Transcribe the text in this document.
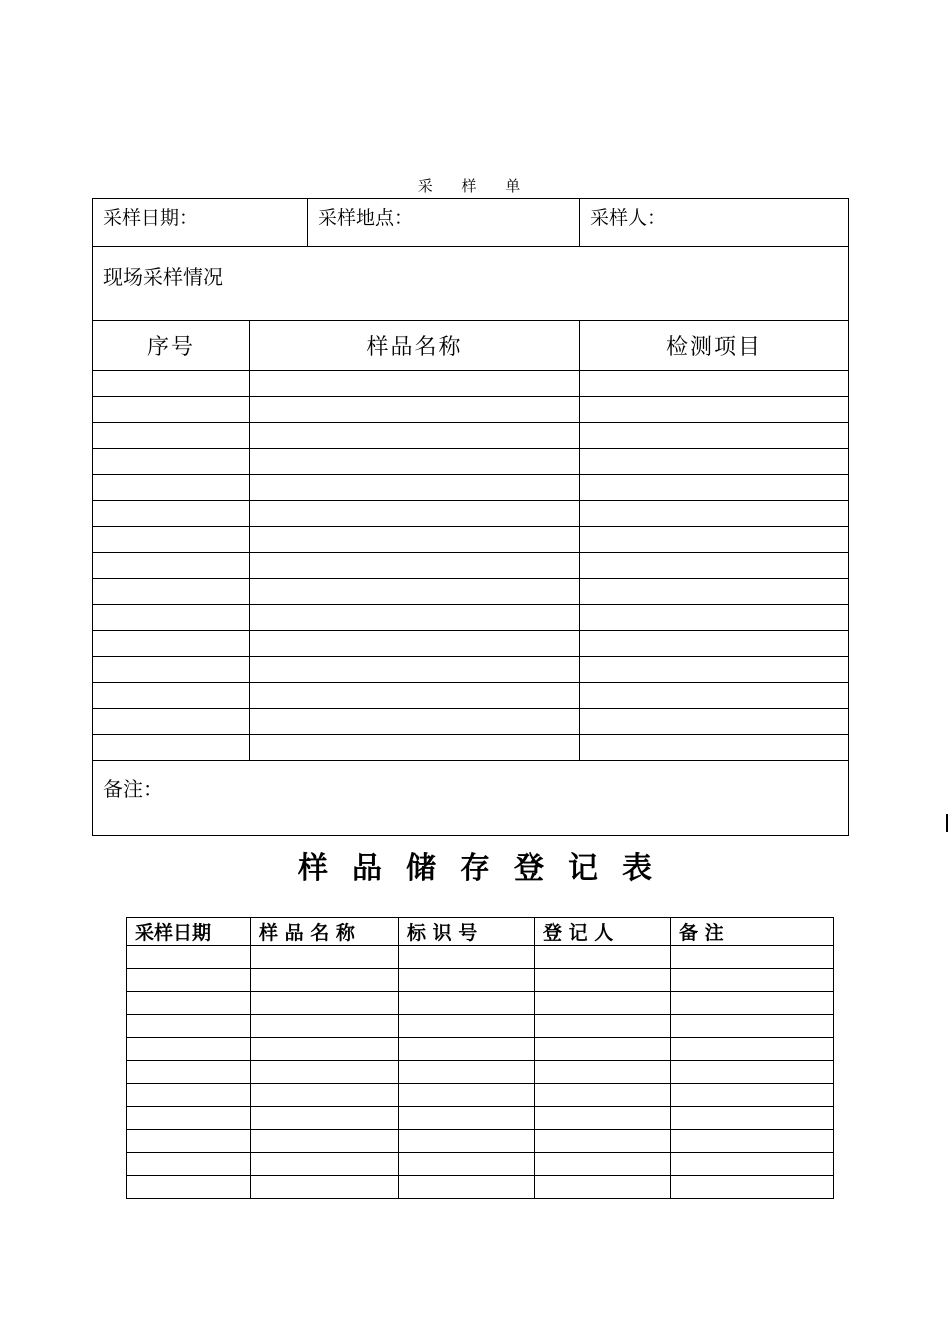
采 样 单
采样日期：		采样地点：	采样人：
现场采样情况			
序号	样品名称		检测项目

备注：			
样品储存登记表
采样日期	样 品 名 称	标 识 号	登 记 人	备 注
